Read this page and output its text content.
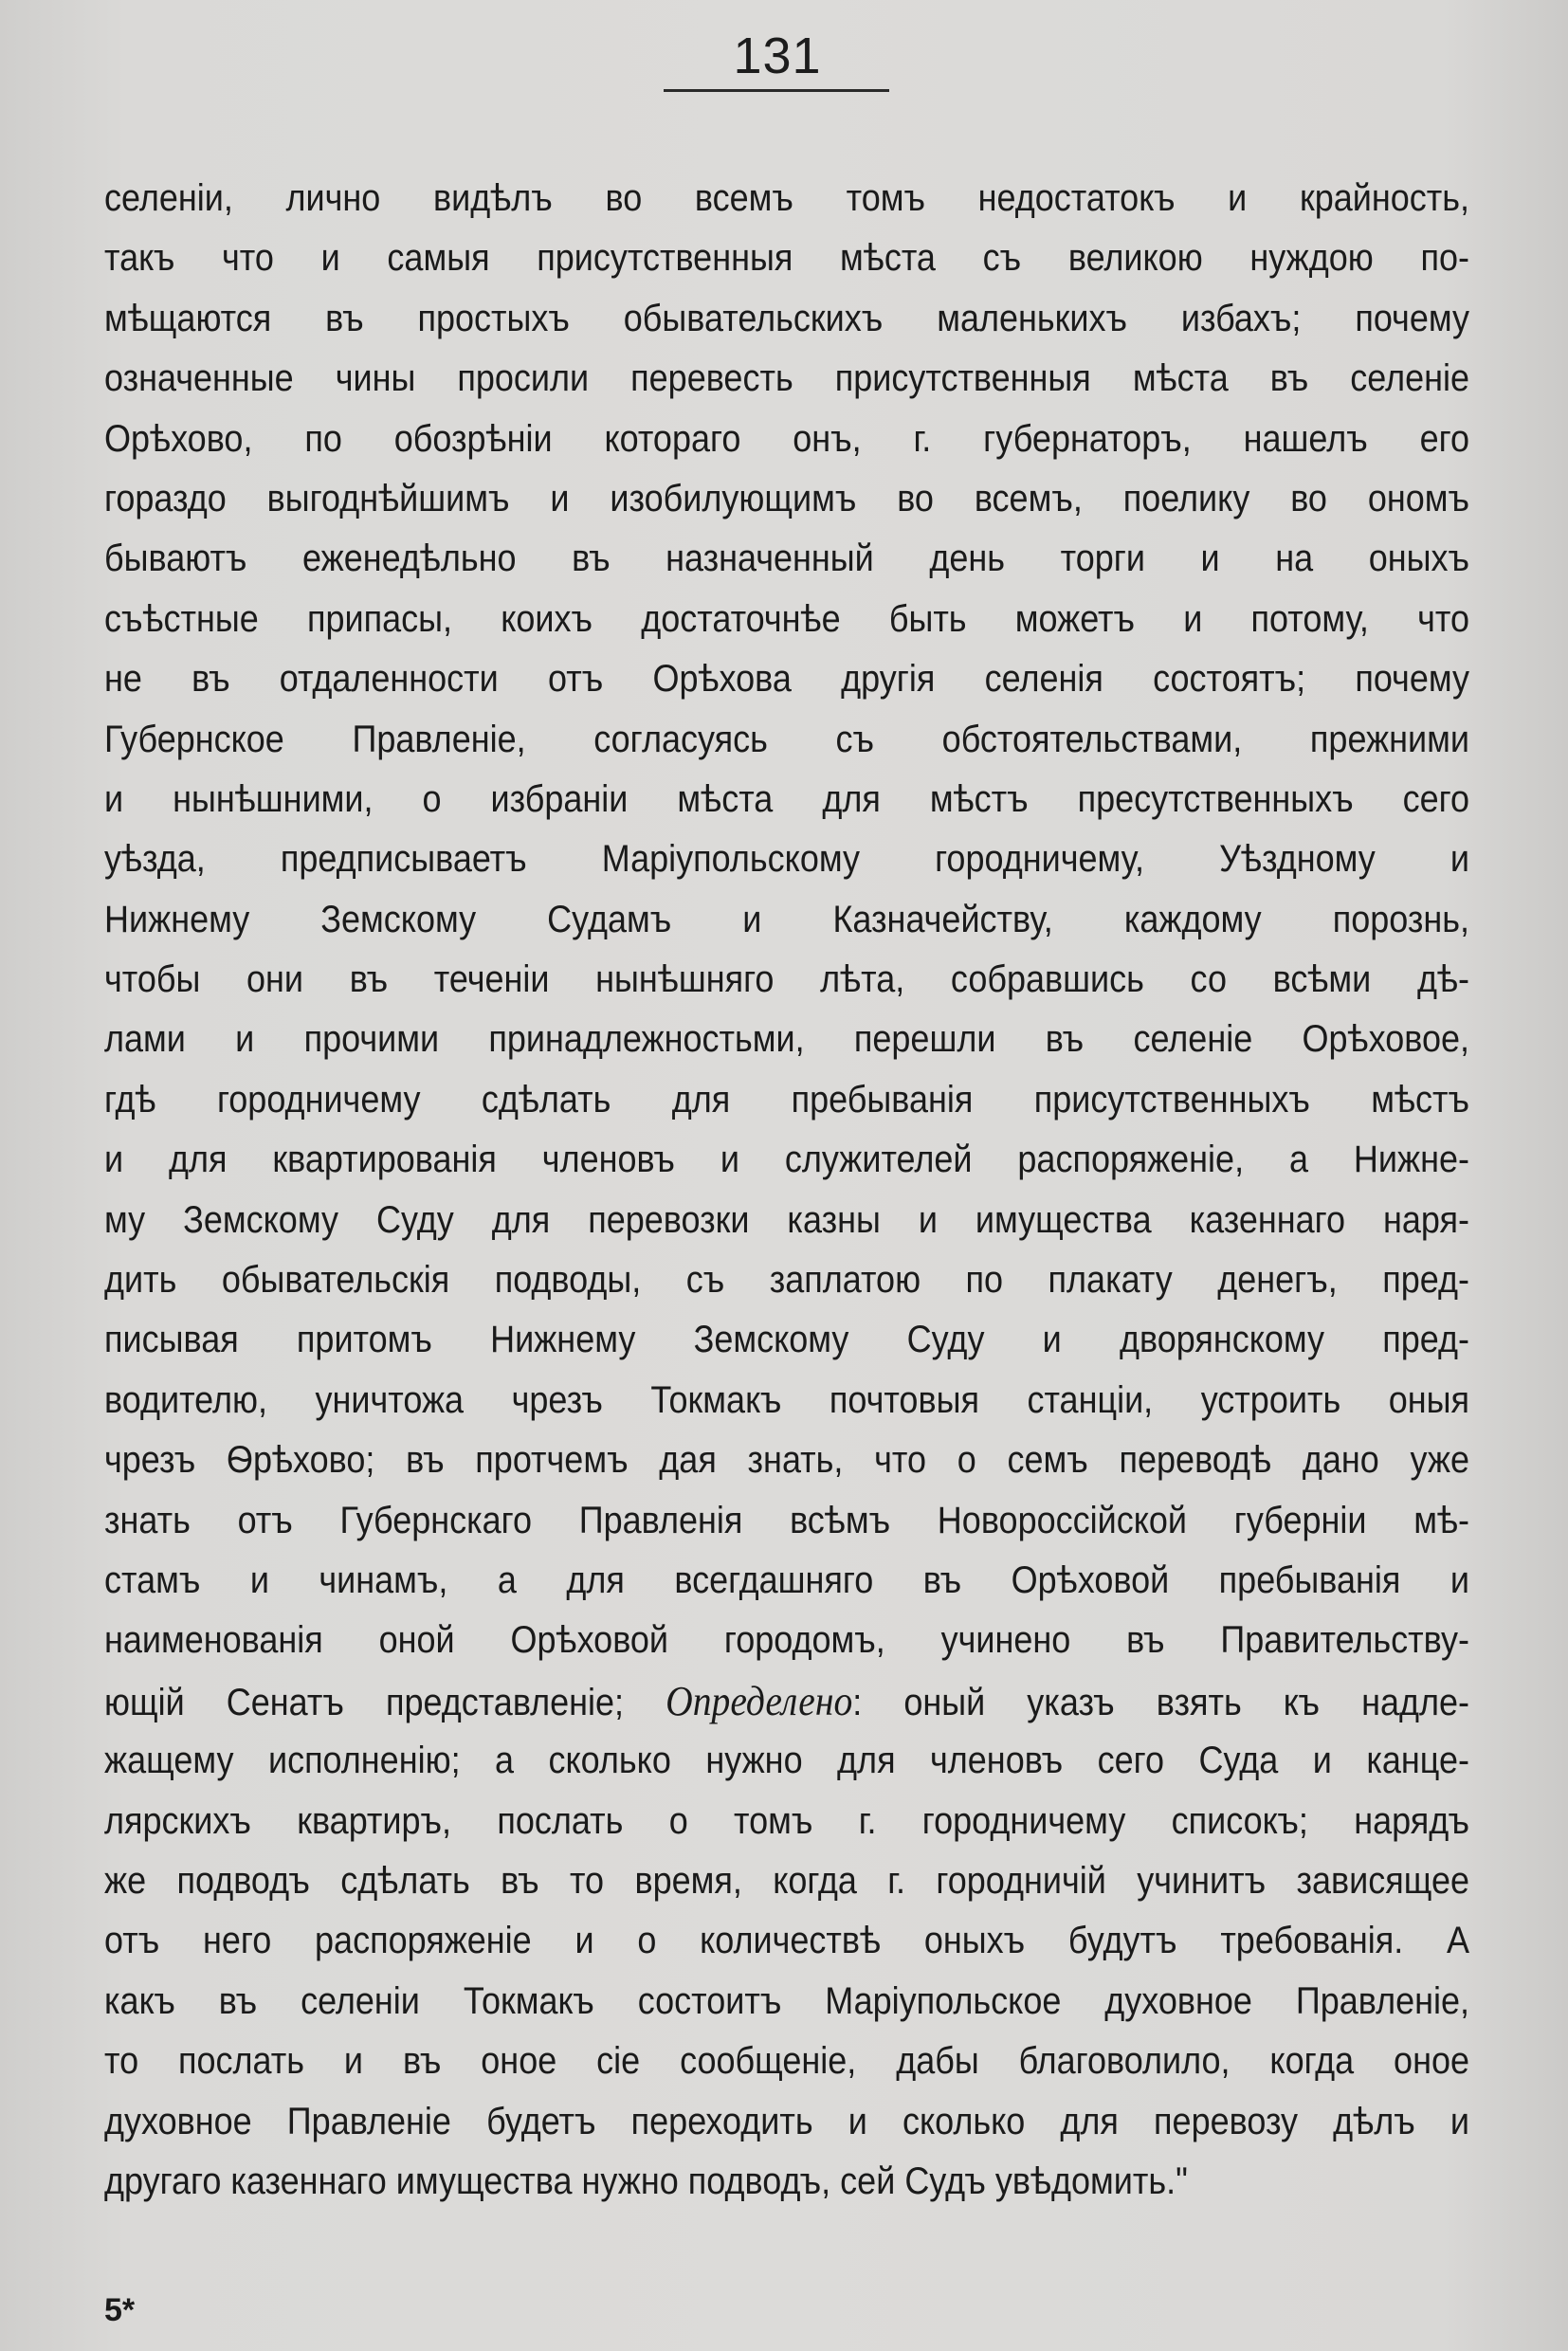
131
селенiи, лично видѣлъ во всемъ томъ недостатокъ и крайность,
такъ что и самыя присутственныя мѣста съ великою нуждою по-
мѣщаются въ простыхъ обывательскихъ маленькихъ избахъ; почему
означенные чины просили перевесть присутственныя мѣста въ селенiе
Орѣхово, по обозрѣнiи котораго онъ, г. губернаторъ, нашелъ его
гораздо выгоднѣйшимъ и изобилующимъ во всемъ, поелику во ономъ
бываютъ еженедѣльно въ назначенный день торги и на оныхъ
съѣстные припасы, коихъ достаточнѣе быть можетъ и потому, что
не въ отдаленности отъ Орѣхова другiя селенiя состоятъ; почему
Губернское Правленiе, согласуясь съ обстоятельствами, прежними
и нынѣшними, о избранiи мѣста для мѣстъ пресутственныхъ сего
уѣзда, предписываетъ Марiупольскому городничему, Уѣздному и
Нижнему Земскому Судамъ и Казначейству, каждому порознь,
чтобы они въ теченiи нынѣшняго лѣта, собравшись со всѣми дѣ-
лами и прочими принадлежностьми, перешли въ селенiе Орѣховое,
гдѣ городничему сдѣлать для пребыванiя присутственныхъ мѣстъ
и для квартированiя членовъ и служителей распоряженiе, а Нижне-
му Земскому Суду для перевозки казны и имущества казеннаго наря-
дить обывательскiя подводы, съ заплатою по плакату денегъ, пред-
писывая притомъ Нижнему Земскому Суду и дворянскому пред-
водителю, уничтожа чрезъ Токмакъ почтовыя станцiи, устроить оныя
чрезъ Ѳрѣхово; въ протчемъ дая знать, что о семъ переводѣ дано уже
знать отъ Губернскаго Правленiя всѣмъ Новороссiйской губернiи мѣ-
стамъ и чинамъ, а для всегдашняго въ Орѣховой пребыванiя и
наименованiя оной Орѣховой городомъ, учинено въ Правительству-
ющiй Сенатъ представленiе; Определено: оный указъ взять къ надле-
жащему исполненiю; а сколько нужно для членовъ сего Суда и канце-
лярскихъ квартиръ, послать о томъ г. городничему списокъ; нарядъ
же подводъ сдѣлать въ то время, когда г. городничiй учинитъ зависящее
отъ него распоряженiе и о количествѣ оныхъ будутъ требованiя. А
какъ въ селенiи Токмакъ состоитъ Марiупольское духовное Правленiе,
то послать и въ оное сiе сообщенiе, дабы благоволило, когда оное
духовное Правленiе будетъ переходить и сколько для перевозу дѣлъ и
другаго казеннаго имущества нужно подводъ, сей Судъ увѣдомить."
5*
